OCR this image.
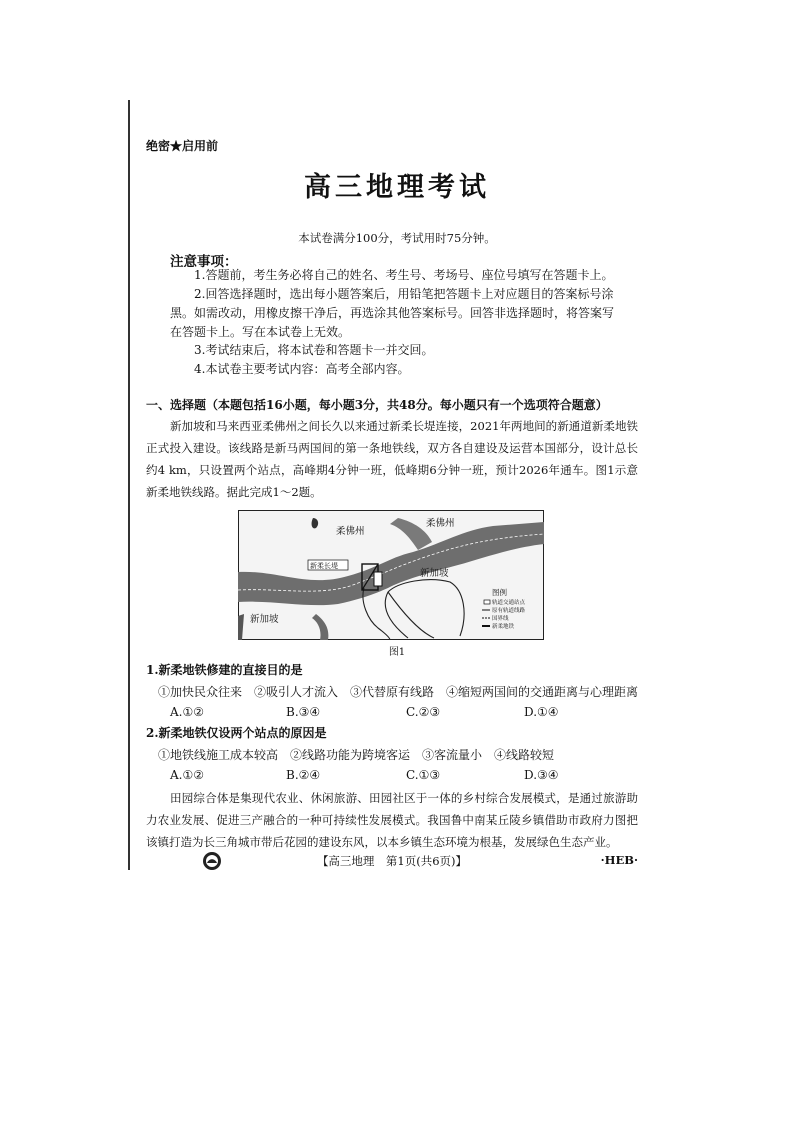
绝密★启用前
高三地理考试
本试卷满分100分，考试用时75分钟。
注意事项：
1.答题前，考生务必将自己的姓名、考生号、考场号、座位号填写在答题卡上。
2.回答选择题时，选出每小题答案后，用铅笔把答题卡上对应题目的答案标号涂黑。如需改动，用橡皮擦干净后，再选涂其他答案标号。回答非选择题时，将答案写在答题卡上。写在本试卷上无效。
3.考试结束后，将本试卷和答题卡一并交回。
4.本试卷主要考试内容：高考全部内容。
一、选择题（本题包括16小题，每小题3分，共48分。每小题只有一个选项符合题意）
新加坡和马来西亚柔佛州之间长久以来通过新柔长堤连接，2021年两地间的新通道新柔地铁正式投入建设。该线路是新马两国间的第一条地铁线，双方各自建设及运营本国部分，设计总长约4 km，只设置两个站点，高峰期4分钟一班，低峰期6分钟一班，预计2026年通车。图1示意新柔地铁线路。据此完成1～2题。
新柔长堤
柔佛州
柔佛州
新加坡
新加坡
图例
轨道交通站点
原有轨道线路
国界线
新柔地铁
图1
1.新柔地铁修建的直接目的是
①加快民众往来 ②吸引人才流入 ③代替原有线路 ④缩短两国间的交通距离与心理距离
A.①②	B.③④	C.②③	D.①④
2.新柔地铁仅设两个站点的原因是
①地铁线施工成本较高 ②线路功能为跨境客运 ③客流量小 ④线路较短
A.①②	B.②④	C.①③	D.③④
田园综合体是集现代农业、休闲旅游、田园社区于一体的乡村综合发展模式，是通过旅游助力农业发展、促进三产融合的一种可持续性发展模式。我国鲁中南某丘陵乡镇借助市政府力图把该镇打造为长三角城市带后花园的建设东风，以本乡镇生态环境为根基，发展绿色生态产业。
【高三地理　第1页(共6页)】	·HEB·
